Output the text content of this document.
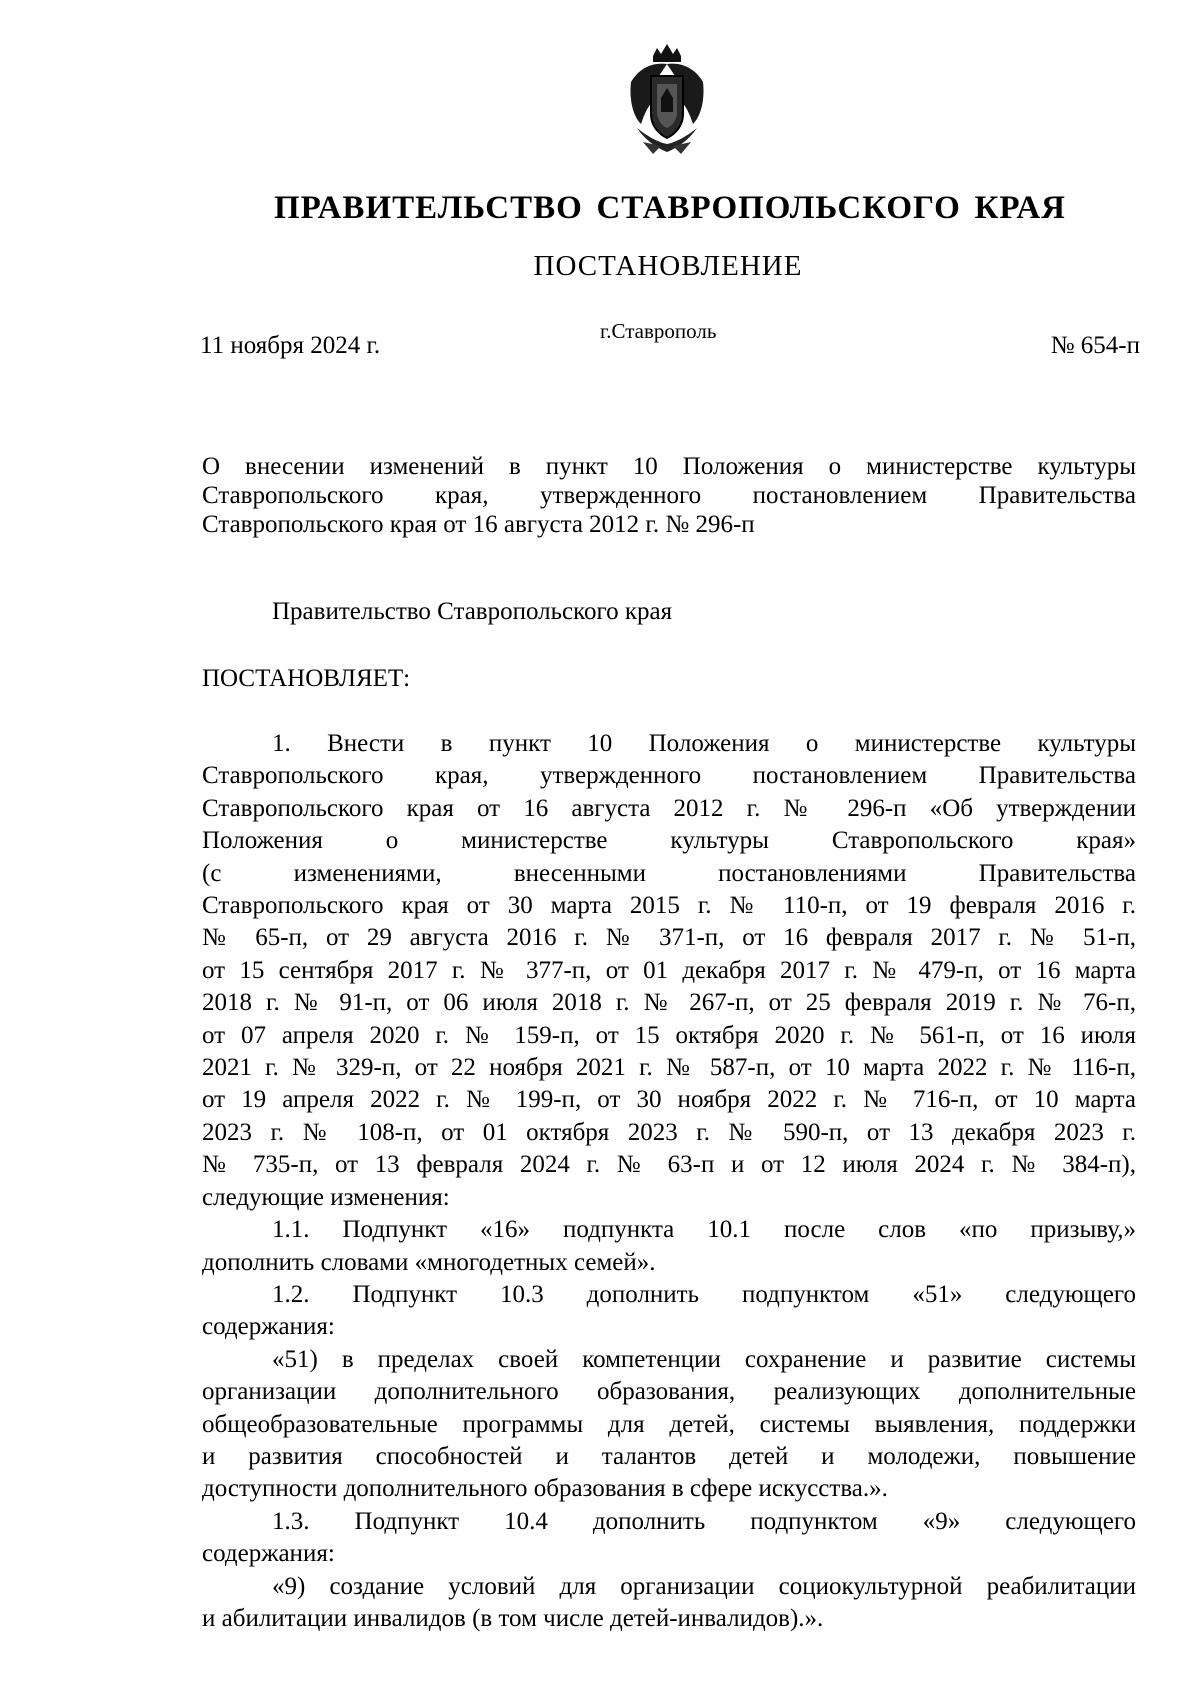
ПРАВИТЕЛЬСТВО СТАВРОПОЛЬСКОГО КРАЯ
ПОСТАНОВЛЕНИЕ
11 ноября 2024 г.
г.Ставрополь
№ 654-п
О внесении изменений в пункт 10 Положения о министерстве культуры
Ставропольского края, утвержденного постановлением Правительства
Ставропольского края от 16 августа 2012 г. № 296-п
Правительство Ставропольского края
ПОСТАНОВЛЯЕТ:
1. Внести в пункт 10 Положения о министерстве культуры
Ставропольского края, утвержденного постановлением Правительства
Ставропольского края от 16 августа 2012 г. № 296-п «Об утверждении
Положения о министерстве культуры Ставропольского края»
(с изменениями, внесенными постановлениями Правительства
Ставропольского края от 30 марта 2015 г. № 110-п, от 19 февраля 2016 г.
№ 65-п, от 29 августа 2016 г. № 371-п, от 16 февраля 2017 г. № 51-п,
от 15 сентября 2017 г. № 377-п, от 01 декабря 2017 г. № 479-п, от 16 марта
2018 г. № 91-п, от 06 июля 2018 г. № 267-п, от 25 февраля 2019 г. № 76-п,
от 07 апреля 2020 г. № 159-п, от 15 октября 2020 г. № 561-п, от 16 июля
2021 г. № 329-п, от 22 ноября 2021 г. № 587-п, от 10 марта 2022 г. № 116-п,
от 19 апреля 2022 г. № 199-п, от 30 ноября 2022 г. № 716-п, от 10 марта
2023 г. № 108-п, от 01 октября 2023 г. № 590-п, от 13 декабря 2023 г.
№ 735-п, от 13 февраля 2024 г. № 63-п и от 12 июля 2024 г. № 384-п),
следующие изменения:
1.1. Подпункт «16» подпункта 10.1 после слов «по призыву,»
дополнить словами «многодетных семей».
1.2. Подпункт 10.3 дополнить подпунктом «51» следующего
содержания:
«51) в пределах своей компетенции сохранение и развитие системы
организации дополнительного образования, реализующих дополнительные
общеобразовательные программы для детей, системы выявления, поддержки
и развития способностей и талантов детей и молодежи, повышение
доступности дополнительного образования в сфере искусства.».
1.3. Подпункт 10.4 дополнить подпунктом «9» следующего
содержания:
«9) создание условий для организации социокультурной реабилитации
и абилитации инвалидов (в том числе детей-инвалидов).».
